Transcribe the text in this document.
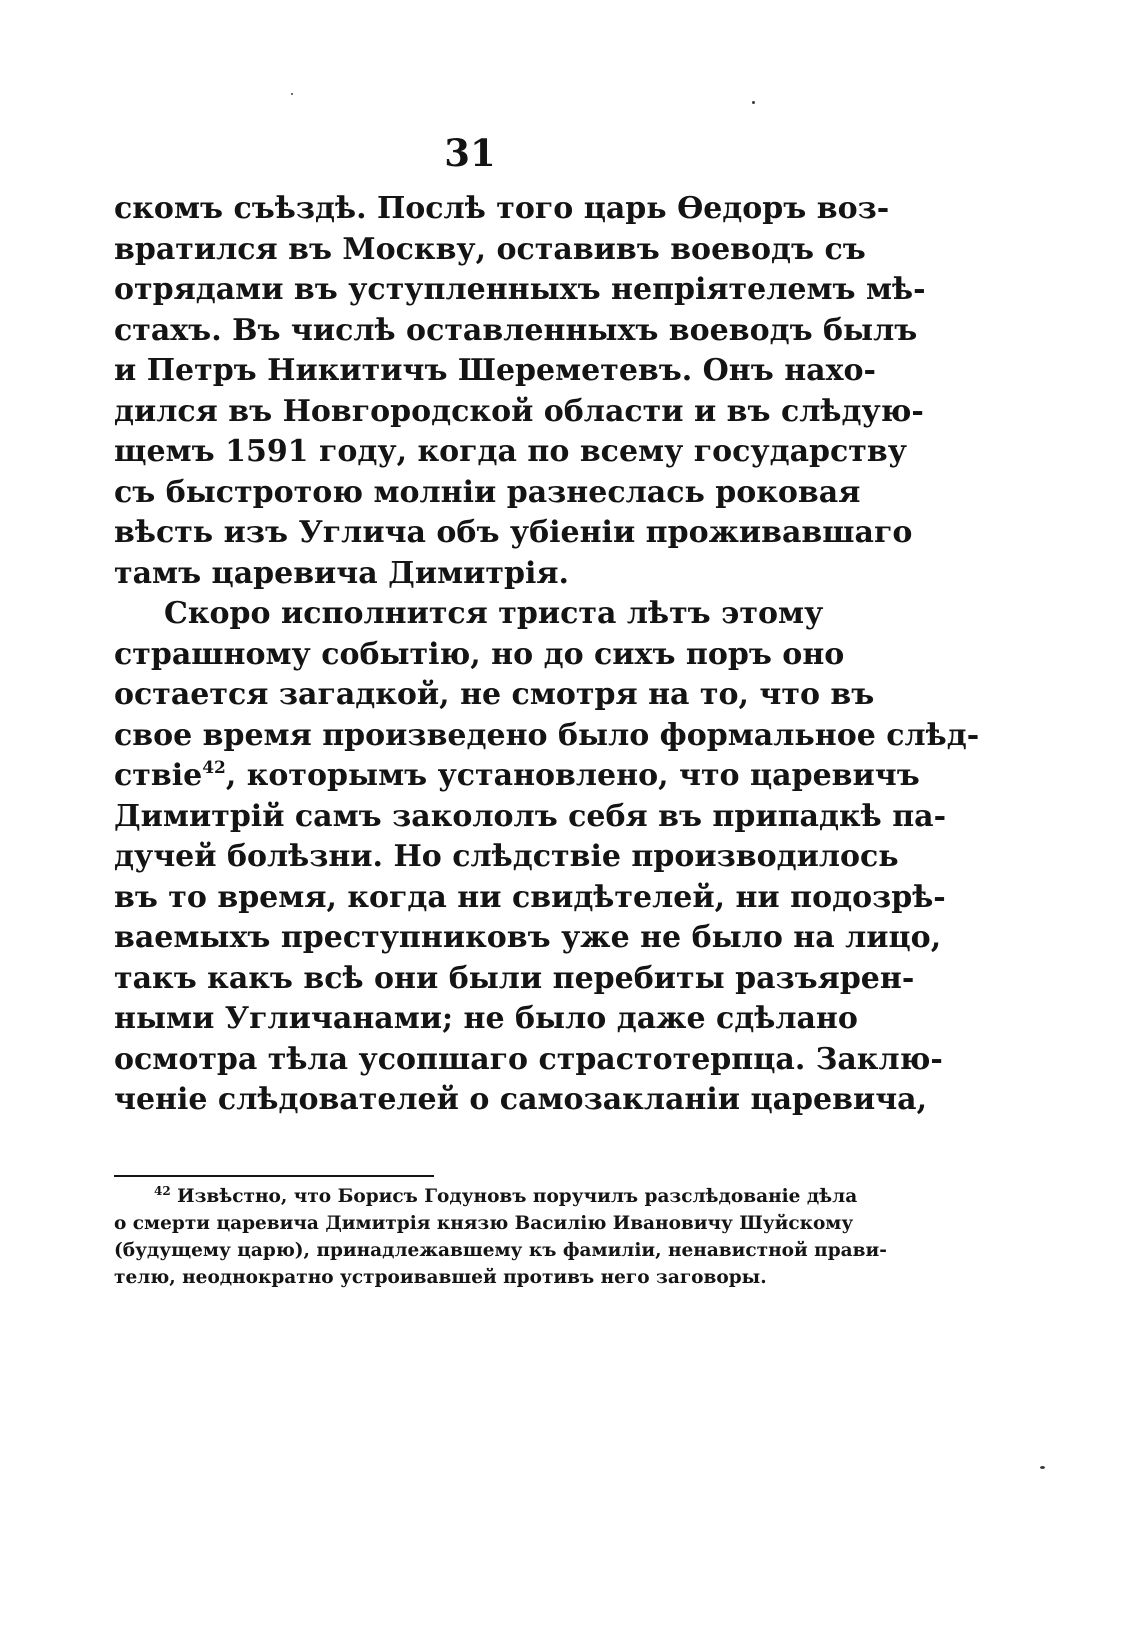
31
скомъ съѣздѣ. Послѣ того царь Ѳедоръ воз-
вратился въ Москву, оставивъ воеводъ съ
отрядами въ уступленныхъ непріятелемъ мѣ-
стахъ. Въ числѣ оставленныхъ воеводъ былъ
и Петръ Никитичъ Шереметевъ. Онъ нахо-
дился въ Новгородской области и въ слѣдую-
щемъ 1591 году, когда по всему государству
съ быстротою молніи разнеслась роковая
вѣсть изъ Углича объ убіеніи проживавшаго
тамъ царевича Димитрія.
Скоро исполнится триста лѣтъ этому
страшному событію, но до сихъ поръ оно
остается загадкой, не смотря на то, что въ
свое время произведено было формальное слѣд-
ствіе$^{42}$, которымъ установлено, что царевичъ
Димитрій самъ закололъ себя въ припадкѣ па-
дучей болѣзни. Но слѣдствіе производилось
въ то время, когда ни свидѣтелей, ни подозрѣ-
ваемыхъ преступниковъ уже не было на лицо,
такъ какъ всѣ они были перебиты разъярен-
ными Угличанами; не было даже сдѣлано
осмотра тѣла усопшаго страстотерпца. Заклю-
ченіе слѣдователей о самозакланіи царевича,
$^{42}$ Извѣстно, что Борисъ Годуновъ поручилъ разслѣдованіе дѣла
о смерти царевича Димитрія князю Василію Ивановичу Шуйскому
(будущему царю), принадлежавшему къ фамиліи, ненавистной прави-
телю, неоднократно устроивавшей противъ него заговоры.
